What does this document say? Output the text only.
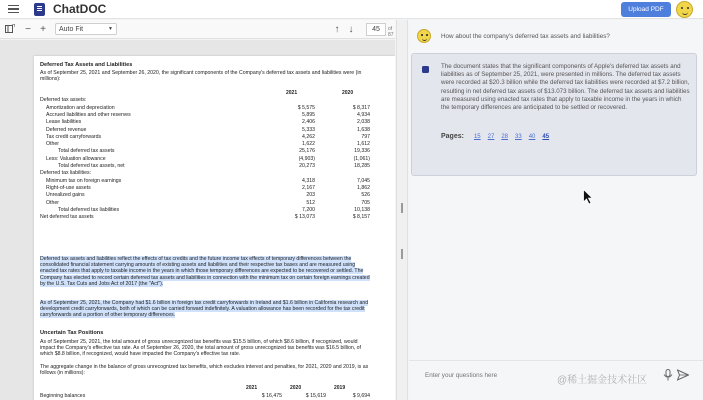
ChatDOC	Upload PDF
− +	Auto Fit	▼	↑ ↓	45	of 87
Deferred Tax Assets and Liabilities
As of September 25, 2021 and September 26, 2020, the significant components of the Company's deferred tax assets and liabilities were (in millions):
2021	2020
Deferred tax assets:
Amortization and depreciation	$ 5,575	$ 8,317
Accrued liabilities and other reserves	5,895	4,934
Lease liabilities	2,406	2,038
Deferred revenue	5,333	1,638
Tax credit carryforwards	4,262	797
Other	1,622	1,612
Total deferred tax assets	25,176	19,336
Less: Valuation allowance	(4,903)	(1,061)
Total deferred tax assets, net	20,273	18,285
Deferred tax liabilities:
Minimum tax on foreign earnings	4,318	7,045
Right-of-use assets	2,167	1,862
Unrealized gains	203	526
Other	512	705
Total deferred tax liabilities	7,200	10,138
Net deferred tax assets	$ 13,073	$ 8,157
Deferred tax assets and liabilities reflect the effects of tax credits and the future income tax effects of temporary differences between the consolidated financial statement carrying amounts of existing assets and liabilities and their respective tax bases and are measured using enacted tax rates that apply to taxable income in the years in which those temporary differences are expected to be recovered or settled. The Company has elected to record certain deferred tax assets and liabilities in connection with the minimum tax on certain foreign earnings created by the U.S. Tax Cuts and Jobs Act of 2017 (the "Act").
As of September 25, 2021, the Company had $1.6 billion in foreign tax credit carryforwards in Ireland and $1.6 billion in California research and development credit carryforwards, both of which can be carried forward indefinitely. A valuation allowance has been recorded for the tax credit carryforwards and a portion of other temporary differences.
Uncertain Tax Positions
As of September 25, 2021, the total amount of gross unrecognized tax benefits was $15.5 billion, of which $8.6 billion, if recognized, would impact the Company's effective tax rate. As of September 26, 2020, the total amount of gross unrecognized tax benefits was $16.5 billion, of which $8.8 billion, if recognized, would have impacted the Company's effective tax rate.
The aggregate change in the balance of gross unrecognized tax benefits, which excludes interest and penalties, for 2021, 2020 and 2019, is as follows (in millions):
2021	2020	2019
Beginning balances	$ 16,475	$ 15,619	$ 9,694
How about the company's deferred tax assets and liabilities?
The document states that the significant components of Apple's deferred tax assets and liabilities as of September 25, 2021, were presented in millions. The deferred tax assets were recorded at $20.3 billion while the deferred tax liabilities were recorded at $7.2 billion, resulting in net deferred tax assets of $13.073 billion. The deferred tax assets and liabilities are measured using enacted tax rates that apply to taxable income in the years in which the temporary differences are anticipated to be settled or recovered.
Pages: 15 27 28 33 40 45
Enter your questions here
@稀土掘金技术社区
